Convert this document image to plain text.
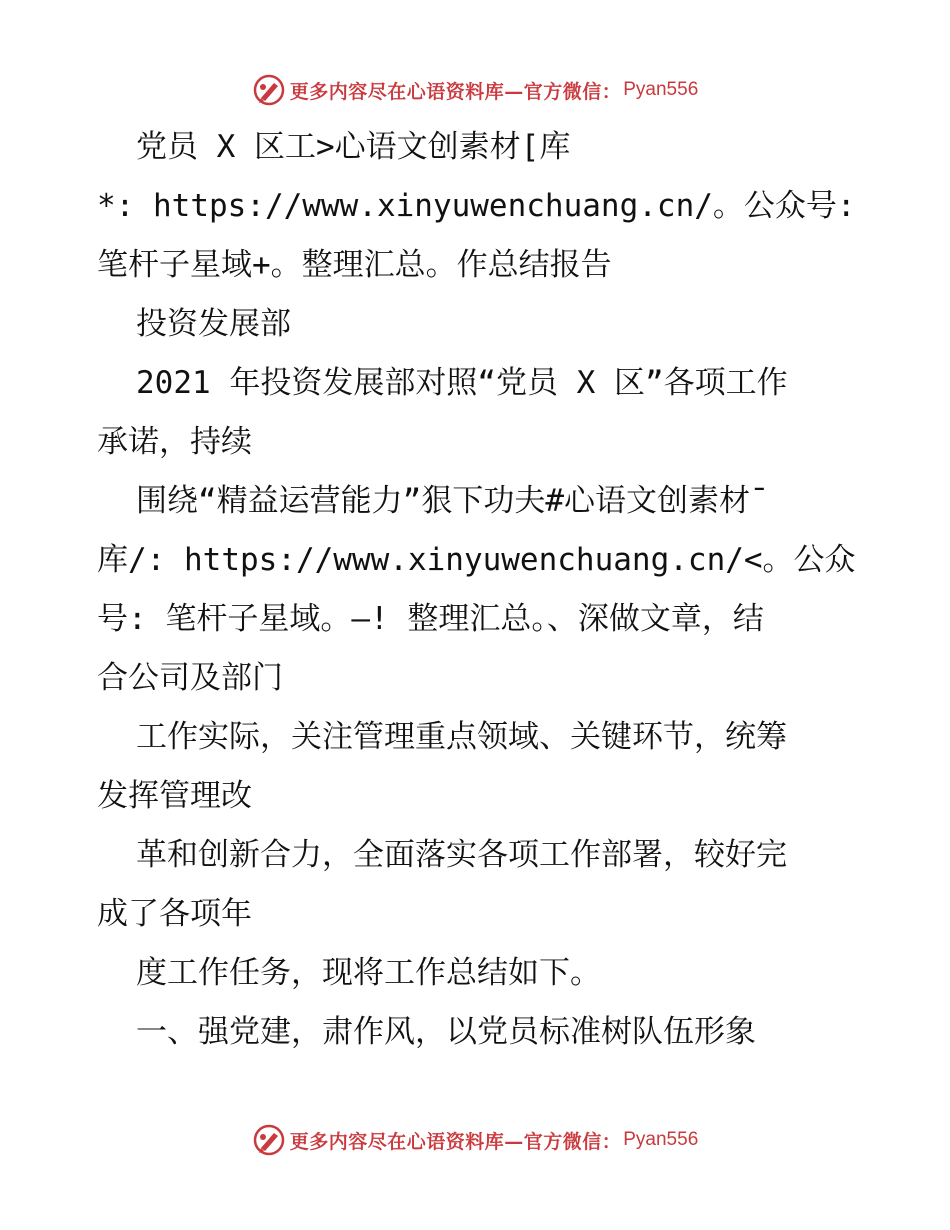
更多内容尽在心语资料库—官方微信： Pyan556
党员 X 区工>心语文创素材[库
*: https://www.xinyuwenchuang.cn/。公众号:
笔杆子星域+。整理汇总。作总结报告
投资发展部
2021 年投资发展部对照“党员 X 区”各项工作
承诺，持续
围绕“精益运营能力”狠下功夫#心语文创素材¯
库/: https://www.xinyuwenchuang.cn/<。公众
号: 笔杆子星域。—! 整理汇总。、深做文章，结
合公司及部门
工作实际，关注管理重点领域、关键环节，统筹
发挥管理改
革和创新合力，全面落实各项工作部署，较好完
成了各项年
度工作任务，现将工作总结如下。
一、强党建，肃作风，以党员标准树队伍形象
更多内容尽在心语资料库—官方微信： Pyan556
